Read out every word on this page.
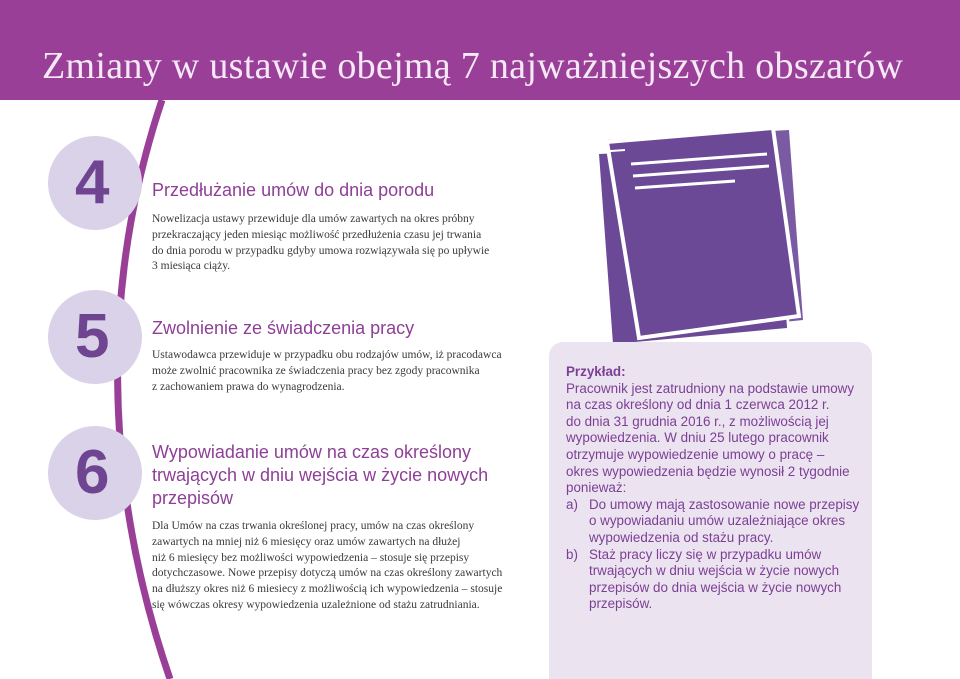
Zmiany w ustawie obejmą 7 najważniejszych obszarów
4 Przedłużanie umów do dnia porodu
Nowelizacja ustawy przewiduje dla umów zawartych na okres próbny
przekraczający jeden miesiąc możliwość przedłużenia czasu jej trwania
do dnia porodu w przypadku gdyby umowa rozwiązywała się po upływie
3 miesiąca ciąży.
5 Zwolnienie ze świadczenia pracy
Ustawodawca przewiduje w przypadku obu rodzajów umów, iż pracodawca
może zwolnić pracownika ze świadczenia pracy bez zgody pracownika
z zachowaniem prawa do wynagrodzenia.
6 Wypowiadanie umów na czas określony
trwających w dniu wejścia w życie nowych
przepisów
Dla Umów na czas trwania określonej pracy, umów na czas określony
zawartych na mniej niż 6 miesięcy oraz umów zawartych na dłużej
niż 6 miesięcy bez możliwości wypowiedzenia – stosuje się przepisy
dotychczasowe. Nowe przepisy dotyczą umów na czas określony zawartych
na dłuższy okres niż 6 miesiecy z możliwością ich wypowiedzenia – stosuje
się wówczas okresy wypowiedzenia uzależnione od stażu zatrudniania.

Przykład:

Pracownik jest zatrudniony na podstawie umowy

na czas określony od dnia 1 czerwca 2012 r.

do dnia 31 grudnia 2016 r., z możliwością jej

wypowiedzenia. W dniu 25 lutego pracownik

otrzymuje wypowiedzenie umowy o pracę –

okres wypowiedzenia będzie wynosił 2 tygodnie

ponieważ:

a) Do umowy mają zastosowanie nowe przepisy

o wypowiadaniu umów uzależniające okres

wypowiedzenia od stażu pracy.

b) Staż pracy liczy się w przypadku umów

trwających w dniu wejścia w życie nowych

przepisów do dnia wejścia w życie nowych

przepisów.
